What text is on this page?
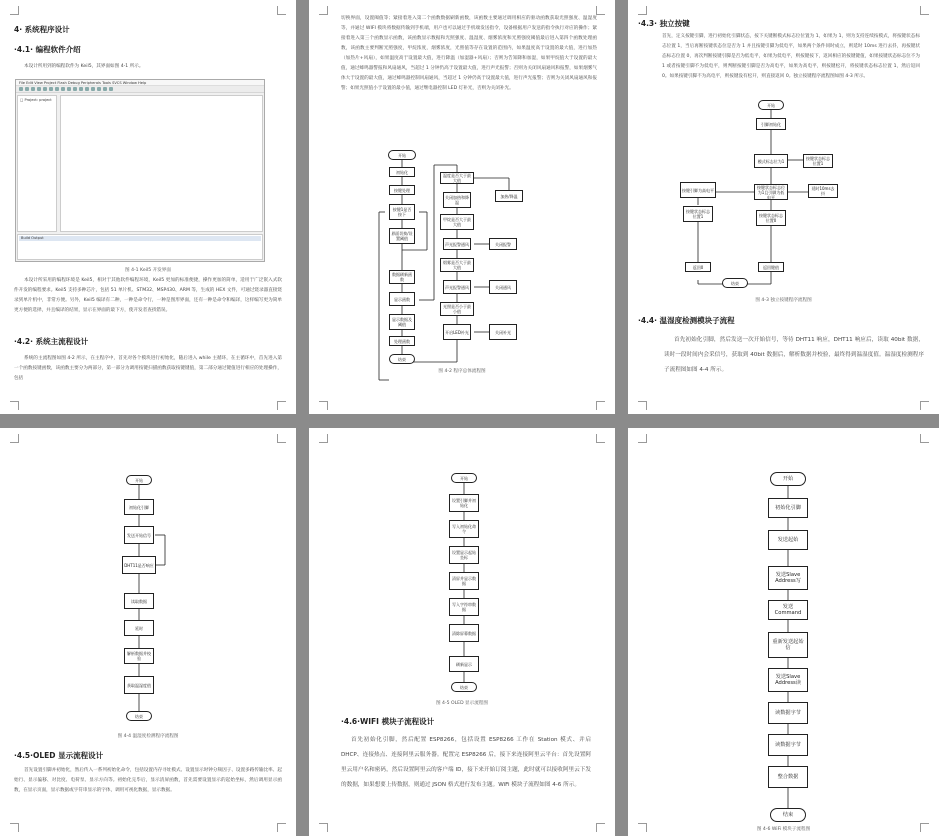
4· 系统程序设计
·4.1· 编程软件介绍
本设计所用到的编程软件为 Keil5，其界面如图 4-1 所示。
File Edit View Project Flash Debug Peripherals Tools SVCS Window Help
□ Project: project
Build Output
图 4-1 Keil5 开发界面
本设计所采用的编程环境是 Keil5，相对于其他软件编程环境，Keil5 更加的标准便捷，操作更加的简单，适用于广泛嵌入式软件开发的编程要求。Keil5 支持多种芯片，包括 51 单片机、STM32、MSP430、ARM 等，生成的 HEX 文件，可通过烧录器直接烧录到单片机中，非常方便。另外，Keil5 编译有二种，一种是命令行，一种是图形界面，还有一种是命令和编译，这样编写更为简单更方便的选择，并且编译的结果，显示在界面的最下方，使开发者查找错误。
·4.2· 系统主流程设计
系统的主流程图如图 4-2 所示，在主程序中，首先对各个模块进行初始化，随后进入 while 主循环，在主循环中，首先进入第一个函数按键函数，该函数主要分为两部分，第一部分为调用按键扫描函数获取按键键值，第二部分通过键值进行相应的处理操作，包括
切换界面，设置阈值等；紧接着进入第二个函数数据刷新函数，该函数主要通过调用相应的驱动函数获取光照强度、温湿度等，并通过 WIFI 模块将数据传输到手机端，用户也可以通过手机端发送指令，设备根据用户发送的指令执行对应的操作；紧接着进入第三个函数显示函数，该函数显示数据和光照强度、温湿度、烟雾浓度和光照强度阈值最后进入第四个函数处理函数，该函数主要判断光照强度，甲烷浓度，烟雾浓度，光照值等存在设置的范围内，如果温度高于设置的最大值，进行加热（加热片+风扇），如果温度高于设置最大值，进行降温（加湿器+风扇）；否则为告知降和加湿，如果甲烷值大于设置的最大值，通过蜂鸣器警报和风扇通风，当超过 1 分钟仍高于设置最大值，进行声光报警；否则为关闭风扇通风和报警，如果烟雾气体大于设置的最大值，通过蜂鸣器控制风扇通风，当超过 1 分钟仍高于设置最大值，进行声光报警；否则为关闭风扇通风和报警；如果光照值小于设置的最小值，通过继电器控制 LED 灯补光，否则为关闭补光。
开始
初始化
按键处理
按键1是否按下
界面切换/设置阈值
数据刷新函数
显示函数
显示数据及阈值
处理函数
结束
温度是否大于最大值
加热/降温
关闭加热和降温
甲烷是否大于最大值
声光报警通风	关闭报警
烟雾是否大于最大值
声光报警通风	关闭通风
光照是否小于最小值
开启LED补光	关闭补光
图 4-2 程序总体流程图
·4.3· 独立按键
首先，定义按键引脚，进行初始化引脚状态，按下关键断模式标志位位置为 1，如果为 1，则为支持连续按模式，将按键状态标志位置 1，当后再断按键状态位是否为 1 并且按键引脚为低电平，如果两个条件同时成立，则延时 10ms 进行去抖，再按键状态标志位置 0，再次判断按键引脚是否为低电平，如果为低电平，则按键按下，返回相应的按键键值，如果按键状态标志位不为 1 或者按键引脚不为低电平，则判断按键引脚是否为高电平，如果为高电平，则按键松开，将按键状态标志位置 1，然后返回 0。如果按键引脚不为高电平，则按键没有松开，则直接返回 0。独立按键程序流程图如图 4-3 所示。
开始
引脚初始化
模式标志位为1	按键状态标志位置1
按键状态标志位为1且引脚为低电平
按键引脚为高电平	延时10ms去抖
按键状态标志位置1	按键状态标志位置0
返回0	返回键值
结束
图 4-3 独立按键程序流程图
·4.4· 温湿度检测模块子流程
首先初始化引脚，然后发送一次开始信号，等待 DHT11 响应，DHT11 响应后，读取 40bit 数据，读时一段时间内会采信号，获取到 40bit 数据后，解析数据并校验，最终得到温湿度值。温湿度检测程序子流程图如图 4-4 所示。
开始
初始化引脚
发送开始信号
DHT11是否响应
读取数据
延时
解析数据并校验
获取温湿度值
结束
图 4-4 温湿度检测程序流程图
·4.5·OLED 显示流程设计
首先设置引脚并初始化，然后传入一系列初始化命令，包括设置内存寻址模式、设置显示时钟分频因子、设置多路传输比率、起始行、显示偏移、对比度、电荷泵、显示方向等。初始化完毕后，显示清屏函数，首先需要设置显示的起始坐标，然后调用显示函数，在显示页面，显示数据或字符串显示的字体，调用可视化数据，显示数据。
开始
设置引脚并初始化
写入初始化命令
设置显示起始坐标
清屏并显示数据
写入字符串数据
清除屏幕数据
刷新显示
结束
图 4-5 OLED 显示流程图
·4.6·WIFI 模块子流程设计
首先初始化引脚，然后配置 ESP8266，包括设置 ESP8266 工作在 Station 模式、并启 DHCP、连接热点、连接阿里云服务器。配置完 ESP8266 后，接下来连接阿里云平台：首先设置阿里云用户名和密码，然后设置阿里云的客户端 ID，接下来开始订阅主题，此时就可以接收阿里云下发的数据，如果想要上传数据，则通过 JSON 格式进行发布主题。WiFi 模块子流程如图 4-6 所示。
开始
初始化引脚
发送起始
发送Slave Address写
发送Command
重新发送起始信
发送Slave Address读
读数据字节
读数据字节
整合数据
结束
图 4-6 WiFi 模块子流程图
